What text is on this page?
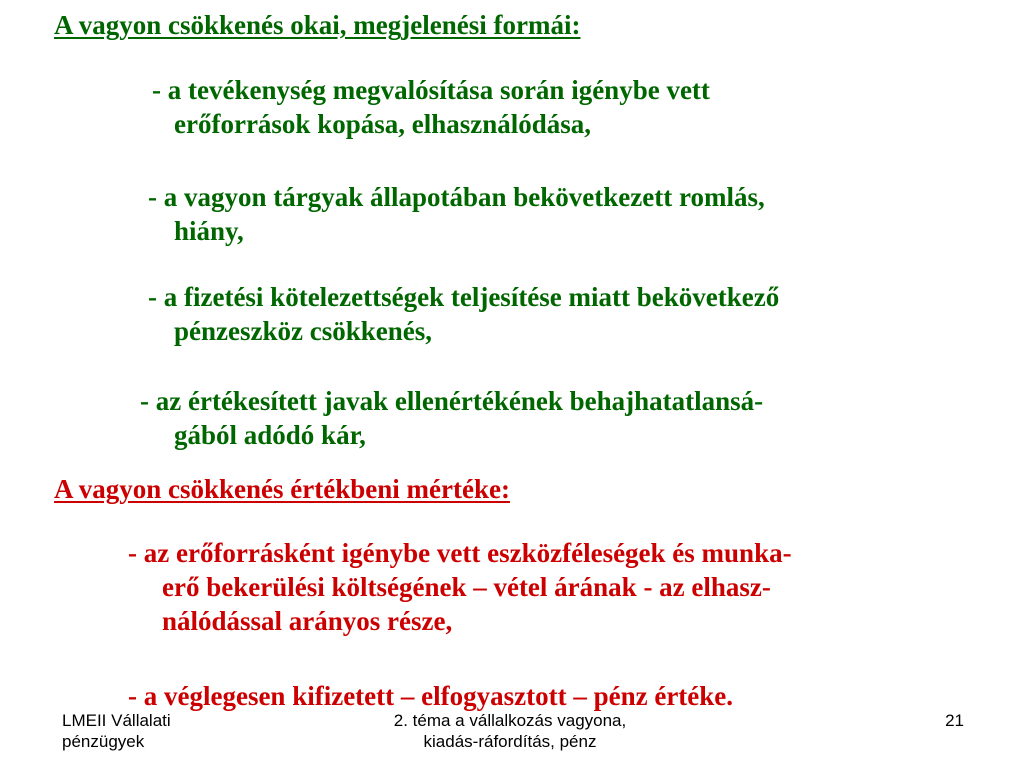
A vagyon csökkenés okai, megjelenési formái:
- a tevékenység megvalósítása során igénybe vett
erőforrások kopása, elhasználódása,
- a vagyon tárgyak állapotában bekövetkezett romlás,
hiány,
- a fizetési kötelezettségek teljesítése miatt bekövetkező
pénzeszköz csökkenés,
- az értékesített javak ellenértékének behajhatatlansá-
gából adódó kár,
A vagyon csökkenés értékbeni mértéke:
- az erőforrásként igénybe vett eszközféleségek és munka-
erő bekerülési költségének – vétel árának - az elhasz-
nálódással arányos része,
- a véglegesen kifizetett – elfogyasztott – pénz értéke.
LMEII Vállalati
pénzügyek
2. téma a vállalkozás vagyona,
kiadás-ráfordítás, pénz
21
